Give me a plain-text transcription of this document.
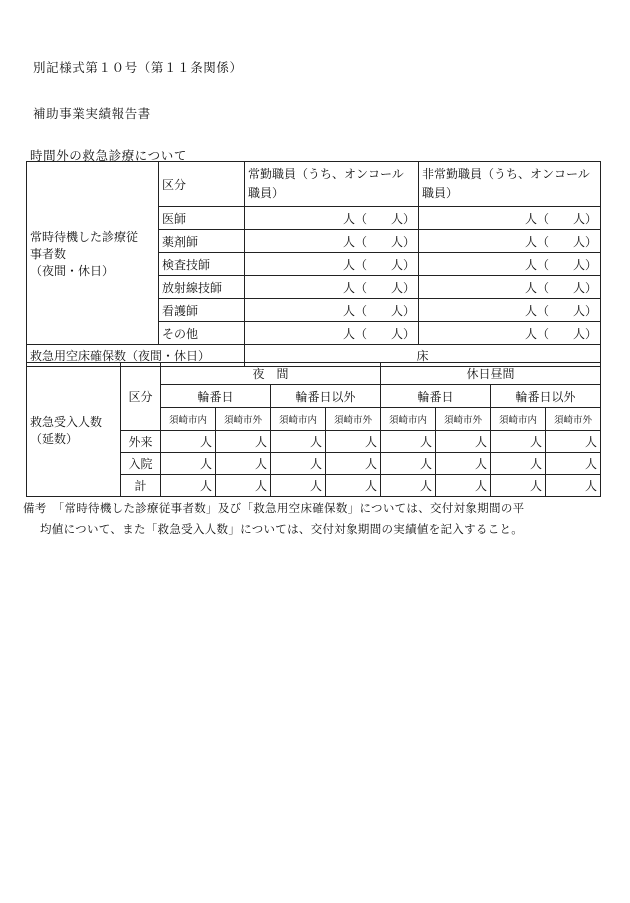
別記様式第１０号（第１１条関係）
補助事業実績報告書
時間外の救急診療について
常時待機した診療従
事者数
（夜間・休日）	区分	常勤職員（うち、オンコール職員）	非常勤職員（うち、オンコール職員）
	医師	人（　　人）	人（　　人）
	薬剤師	人（　　人）	人（　　人）
	検査技師	人（　　人）	人（　　人）
	放射線技師	人（　　人）	人（　　人）
	看護師	人（　　人）	人（　　人）
	その他	人（　　人）	人（　　人）
救急用空床確保数（夜間・休日）		床	
救急受入人数
（延数）	区分	夜　間				休日昼間			
		輪番日		輪番日以外		輪番日		輪番日以外	
		須崎市内	須崎市外	須崎市内	須崎市外	須崎市内	須崎市外	須崎市内	須崎市外
	外来	人	人	人	人	人	人	人	人
	入院	人	人	人	人	人	人	人	人
	計	人	人	人	人	人	人	人	人
備考　「常時待機した診療従事者数」及び「救急用空床確保数」については、交付対象期間の平
均値について、また「救急受入人数」については、交付対象期間の実績値を記入すること。
